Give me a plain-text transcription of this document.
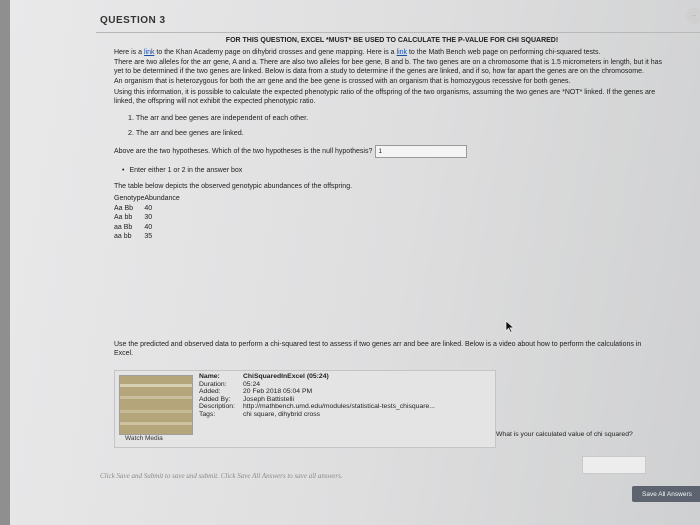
QUESTION 3	⋯
FOR THIS QUESTION, EXCEL *MUST* BE USED TO CALCULATE THE P-VALUE FOR CHI SQUARED!
Here is a link to the Khan Academy page on dihybrid crosses and gene mapping. Here is a link to the Math Bench web page on performing chi-squared tests.
There are two alleles for the arr gene, A and a. There are also two alleles for bee gene, B and b. The two genes are on a chromosome that is 1.5 micrometers in length, but it has yet to be determined if the two genes are linked. Below is data from a study to determine if the genes are linked, and if so, how far apart the genes are on the chromosome.
An organism that is heterozygous for both the arr gene and the bee gene is crossed with an organism that is homozygous recessive for both genes.
Using this information, it is possible to calculate the expected phenotypic ratio of the offspring of the two organisms, assuming the two genes are *NOT* linked. If the genes are linked, the offspring will not exhibit the expected phenotypic ratio.
1. The arr and bee genes are independent of each other.
2. The arr and bee genes are linked.
Above are the two hypotheses. Which of the two hypotheses is the null hypothesis?
1
• Enter either 1 or 2 in the answer box
The table below depicts the observed genotypic abundances of the offspring.
Genotype	Abundance
Aa Bb	40
Aa bb	30
aa Bb	40
aa bb	35
Use the predicted and observed data to perform a chi-squared test to assess if two genes arr and bee are linked. Below is a video about how to perform the calculations in Excel.
Watch Media
Name:	ChiSquaredInExcel (05:24)
Duration:	05:24
Added:	20 Feb 2018 05:04 PM
Added By:	Joseph Battistelli
Description:	http://mathbench.umd.edu/modules/statistical-tests_chisquare...
Tags:	chi square, dihybrid cross
What is your calculated value of chi squared?
Click Save and Submit to save and submit. Click Save All Answers to save all answers.
Save All Answers
